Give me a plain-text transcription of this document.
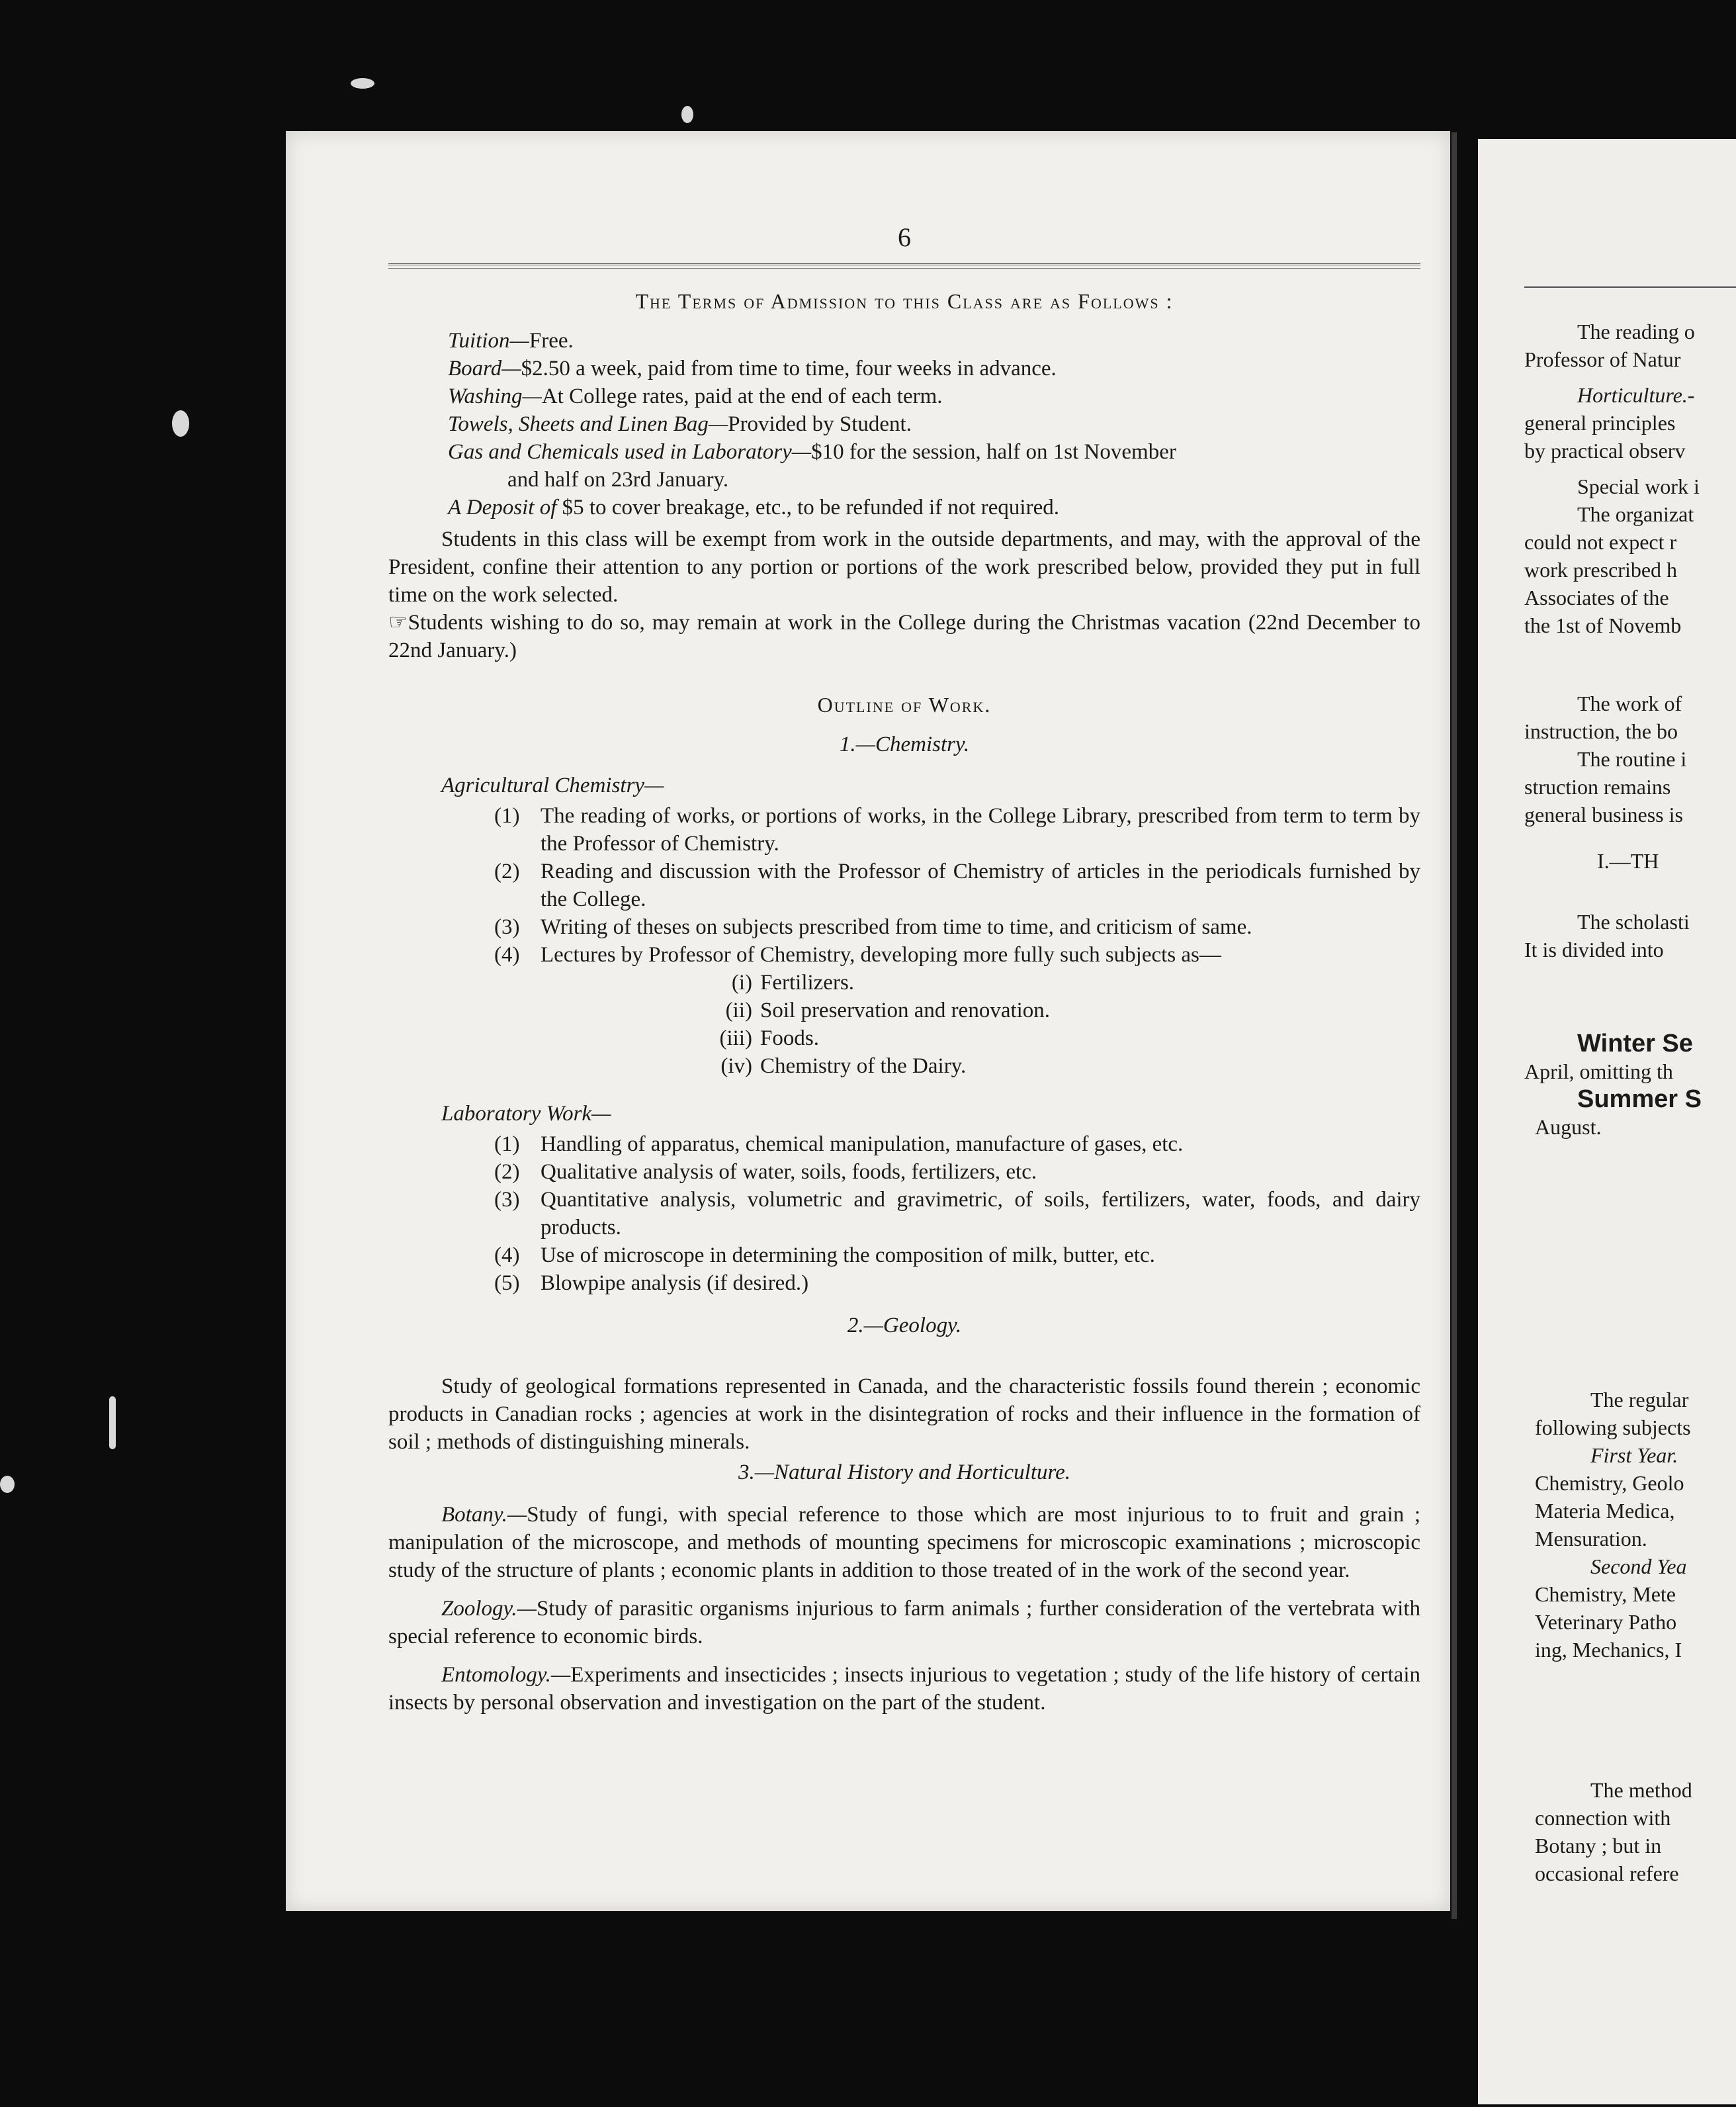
6
The Terms of Admission to this Class are as Follows :

Tuition—Free.

Board—$2.50 a week, paid from time to time, four weeks in advance.

Washing—At College rates, paid at the end of each term.

Towels, Sheets and Linen Bag—Provided by Student.

Gas and Chemicals used in Laboratory—$10 for the session, half on 1st November
and half on 23rd January.

A Deposit of $5 to cover breakage, etc., to be refunded if not required.

Students in this class will be exempt from work in the outside departments, and may, with the approval of the President, confine their attention to any portion or portions of the work prescribed below, provided they put in full time on the work selected.

☞Students wishing to do so, may remain at work in the College during the Christmas vacation (22nd December to 22nd January.)

Outline of Work.
1.—Chemistry.
Agricultural Chemistry—
(1) The reading of works, or portions of works, in the College Library, prescribed from term to term by the Professor of Chemistry.

(2) Reading and discussion with the Professor of Chemistry of articles in the periodicals furnished by the College.

(3) Writing of theses on subjects prescribed from time to time, and criticism of same.

(4) Lectures by Professor of Chemistry, developing more fully such subjects as—

(i) Fertilizers.
(ii) Soil preservation and renovation.
(iii) Foods.
(iv) Chemistry of the Dairy.
Laboratory Work—
(1) Handling of apparatus, chemical manipulation, manufacture of gases, etc.

(2) Qualitative analysis of water, soils, foods, fertilizers, etc.

(3) Quantitative analysis, volumetric and gravimetric, of soils, fertilizers, water, foods, and dairy products.

(4) Use of microscope in determining the composition of milk, butter, etc.

(5) Blowpipe analysis (if desired.)

2.—Geology.

Study of geological formations represented in Canada, and the characteristic fossils found therein ; economic products in Canadian rocks ; agencies at work in the disintegration of rocks and their influence in the formation of soil ; methods of distinguishing minerals.

3.—Natural History and Horticulture.

Botany.—Study of fungi, with special reference to those which are most injurious to to fruit and grain ; manipulation of the microscope, and methods of mounting specimens for microscopic examinations ; microscopic study of the structure of plants ; economic plants in addition to those treated of in the work of the second year.

Zoology.—Study of parasitic organisms injurious to farm animals ; further consideration of the vertebrata with special reference to economic birds.

Entomology.—Experiments and insecticides ; insects injurious to vegetation ; study of the life history of certain insects by personal observation and investigation on the part of the student.

The reading o

Professor of Natur

Horticulture.-

general principles

by practical observ

Special work i

The organizat

could not expect r

work prescribed h

Associates of the

the 1st of Novemb

The work of

instruction, the bo

The routine i

struction remains

general business is

I.—TH

The scholasti

It is divided into

Winter Se

April, omitting th

Summer S

August.

The regular

following subjects

First Year.

Chemistry, Geolo

Materia Medica,

Mensuration.

Second Yea

Chemistry, Mete

Veterinary Patho

ing, Mechanics, I

The method

connection with

Botany ; but in

occasional refere
